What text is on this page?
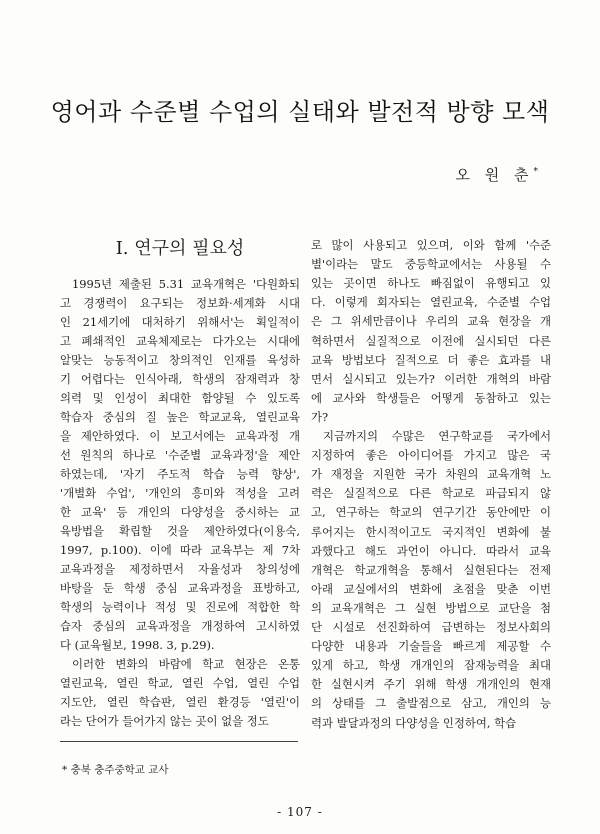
영어과 수준별 수업의 실태와 발전적 방향 모색
오 원 춘*
Ⅰ. 연구의 필요성
1995년 제출된 5.31 교육개혁은 '다원화되
고 경쟁력이 요구되는 정보화·세계화 시대
인 21세기에 대처하기 위해서'는 획일적이
고 폐쇄적인 교육체제로는 다가오는 시대에
알맞는 능동적이고 창의적인 인재를 육성하
기 어렵다는 인식아래, 학생의 잠재력과 창
의력 및 인성이 최대한 함양될 수 있도록
학습자 중심의 질 높은 학교교육, 열린교육
을 제안하였다. 이 보고서에는 교육과정 개
선 원칙의 하나로 '수준별 교육과정'을 제안
하였는데, '자기 주도적 학습 능력 향상',
'개별화 수업', '개인의 흥미와 적성을 고려
한 교육' 등 개인의 다양성을 중시하는 교
육방법을 확립할 것을 제안하였다(이용숙,
1997, p.100). 이에 따라 교육부는 제 7차
교육과정을 제정하면서 자율성과 창의성에
바탕을 둔 학생 중심 교육과정을 표방하고,
학생의 능력이나 적성 및 진로에 적합한 학
습자 중심의 교육과정을 개정하여 고시하였
다 (교육월보, 1998. 3, p.29).
이러한 변화의 바람에 학교 현장은 온통
열린교육, 열린 학교, 열린 수업, 열린 수업
지도안, 열린 학습판, 열린 환경등 '열린'이
라는 단어가 들어가지 않는 곳이 없을 정도
로 많이 사용되고 있으며, 이와 함께 '수준
별'이라는 말도 중등학교에서는 사용될 수
있는 곳이면 하나도 빠짐없이 유행되고 있
다. 이렇게 회자되는 열린교육, 수준별 수업
은 그 위세만큼이나 우리의 교육 현장을 개
혁하면서 실질적으로 이전에 실시되던 다른
교육 방법보다 질적으로 더 좋은 효과를 내
면서 실시되고 있는가? 이러한 개혁의 바람
에 교사와 학생들은 어떻게 동참하고 있는
가?
지금까지의 수많은 연구학교를 국가에서
지정하여 좋은 아이디어를 가지고 많은 국
가 재정을 지원한 국가 차원의 교육개혁 노
력은 실질적으로 다른 학교로 파급되지 않
고, 연구하는 학교의 연구기간 동안에만 이
루어지는 한시적이고도 국지적인 변화에 불
과했다고 해도 과언이 아니다. 따라서 교육
개혁은 학교개혁을 통해서 실현된다는 전제
아래 교실에서의 변화에 초점을 맞춘 이번
의 교육개혁은 그 실현 방법으로 교단을 첨
단 시설로 선진화하여 급변하는 정보사회의
다양한 내용과 기술들을 빠르게 제공할 수
있게 하고, 학생 개개인의 잠재능력을 최대
한 실현시켜 주기 위해 학생 개개인의 현재
의 상태를 그 출발점으로 삼고, 개인의 능
력과 발달과정의 다양성을 인정하여, 학습
* 충북 충주중학교 교사
- 107 -
